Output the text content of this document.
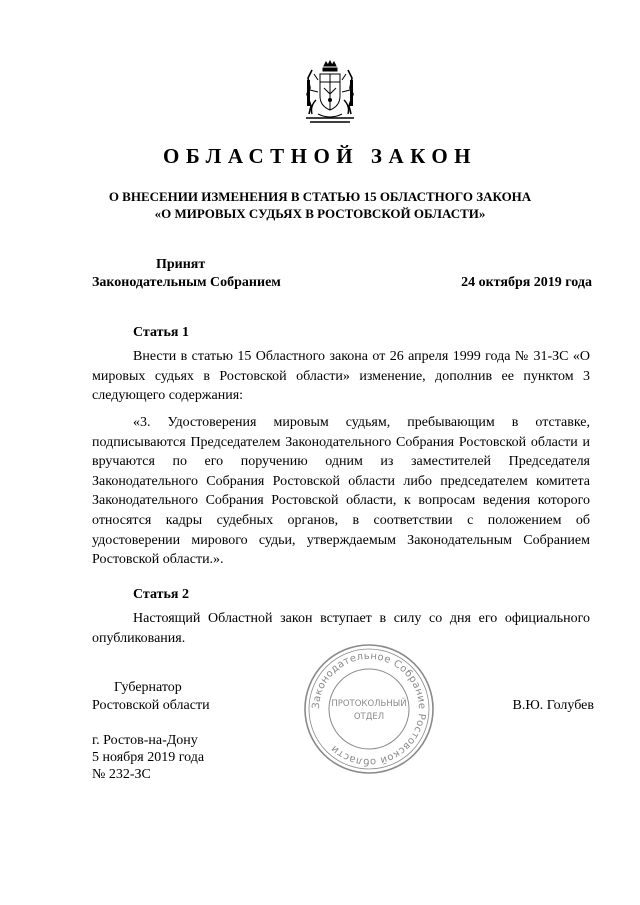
ОБЛАСТНОЙ ЗАКОН
О ВНЕСЕНИИ ИЗМЕНЕНИЯ В СТАТЬЮ 15 ОБЛАСТНОГО ЗАКОНА
«О МИРОВЫХ СУДЬЯХ В РОСТОВСКОЙ ОБЛАСТИ»
Принят
Законодательным Собранием	24 октября 2019 года
Статья 1
Внести в статью 15 Областного закона от 26 апреля 1999 года № 31-ЗС «О мировых судьях в Ростовской области» изменение, дополнив ее пунктом 3 следующего содержания:
«3. Удостоверения мировым судьям, пребывающим в отставке, подписываются Председателем Законодательного Собрания Ростовской области и вручаются по его поручению одним из заместителей Председателя Законодательного Собрания Ростовской области либо председателем комитета Законодательного Собрания Ростовской области, к вопросам ведения которого относятся кадры судебных органов, в соответствии с положением об удостоверении мирового судьи, утверждаемым Законодательным Собранием Ростовской области.».
Статья 2
Настоящий Областной закон вступает в силу со дня его официального опубликования.
Законодательное Собрание Ростовской области
ПРОТОКОЛЬНЫЙ
ОТДЕЛ
Губернатор
Ростовской области	В.Ю. Голубев
г. Ростов-на-Дону
5 ноября 2019 года
№ 232-ЗС
